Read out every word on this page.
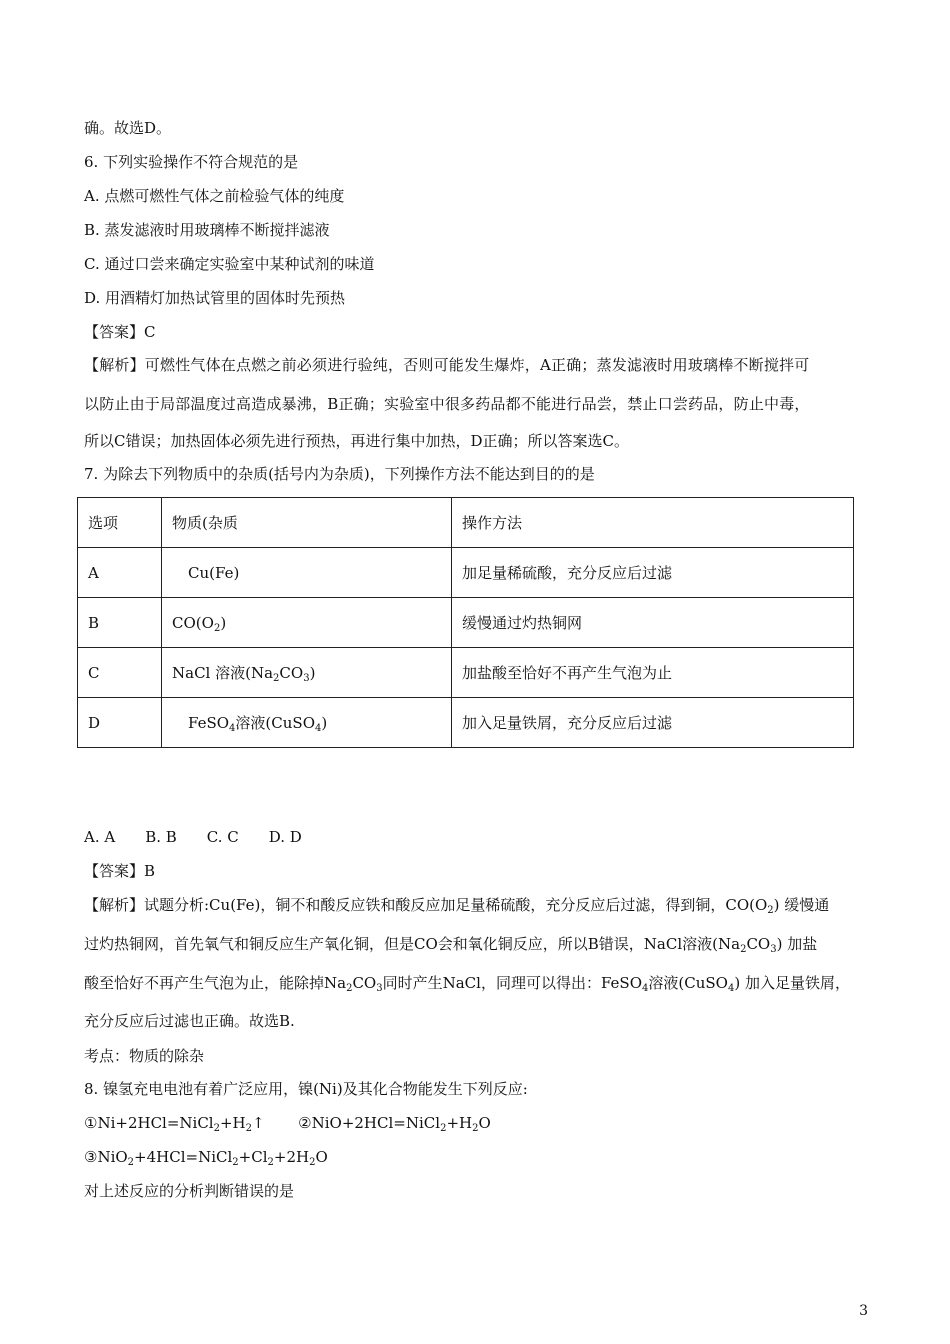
确。故选D。
6. 下列实验操作不符合规范的是
A. 点燃可燃性气体之前检验气体的纯度
B. 蒸发滤液时用玻璃棒不断搅拌滤液
C. 通过口尝来确定实验室中某种试剂的味道
D. 用酒精灯加热试管里的固体时先预热
【答案】C
【解析】可燃性气体在点燃之前必须进行验纯，否则可能发生爆炸，A正确；蒸发滤液时用玻璃棒不断搅拌可
以防止由于局部温度过高造成暴沸，B正确；实验室中很多药品都不能进行品尝，禁止口尝药品，防止中毒，
所以C错误；加热固体必须先进行预热，再进行集中加热，D正确；所以答案选C。
7. 为除去下列物质中的杂质(括号内为杂质)，下列操作方法不能达到目的的是
选项	物质(杂质	操作方法
A	Cu(Fe)	加足量稀硫酸，充分反应后过滤
B	$CO(O_2)$	缓慢通过灼热铜网
C	NaCl 溶液$(Na_2CO_3)$	加盐酸至恰好不再产生气泡为止
D	FeSO$_4$溶液(CuSO$_4$)	加入足量铁屑，充分反应后过滤
A. A B. B C. C D. D
【答案】B
【解析】试题分析:Cu(Fe)，铜不和酸反应铁和酸反应加足量稀硫酸，充分反应后过滤，得到铜，$CO(O_2)$ 缓慢通
过灼热铜网，首先氧气和铜反应生产氧化铜，但是CO会和氧化铜反应，所以B错误，NaCl溶液$(Na_2CO_3)$ 加盐
酸至恰好不再产生气泡为止，能除掉$Na_2CO_3$同时产生NaCl，同理可以得出：FeSO$_4$溶液(CuSO$_4$) 加入足量铁屑，
充分反应后过滤也正确。故选B.
考点：物质的除杂
8. 镍氢充电电池有着广泛应用，镍(Ni)及其化合物能发生下列反应:
$①Ni+2HCl=NiCl_2+H_2↑$ $②NiO+2HCl=NiCl_2+H_2O$
$③NiO_2+4HCl=NiCl_2+Cl_2+2H_2O$
对上述反应的分析判断错误的是
3
